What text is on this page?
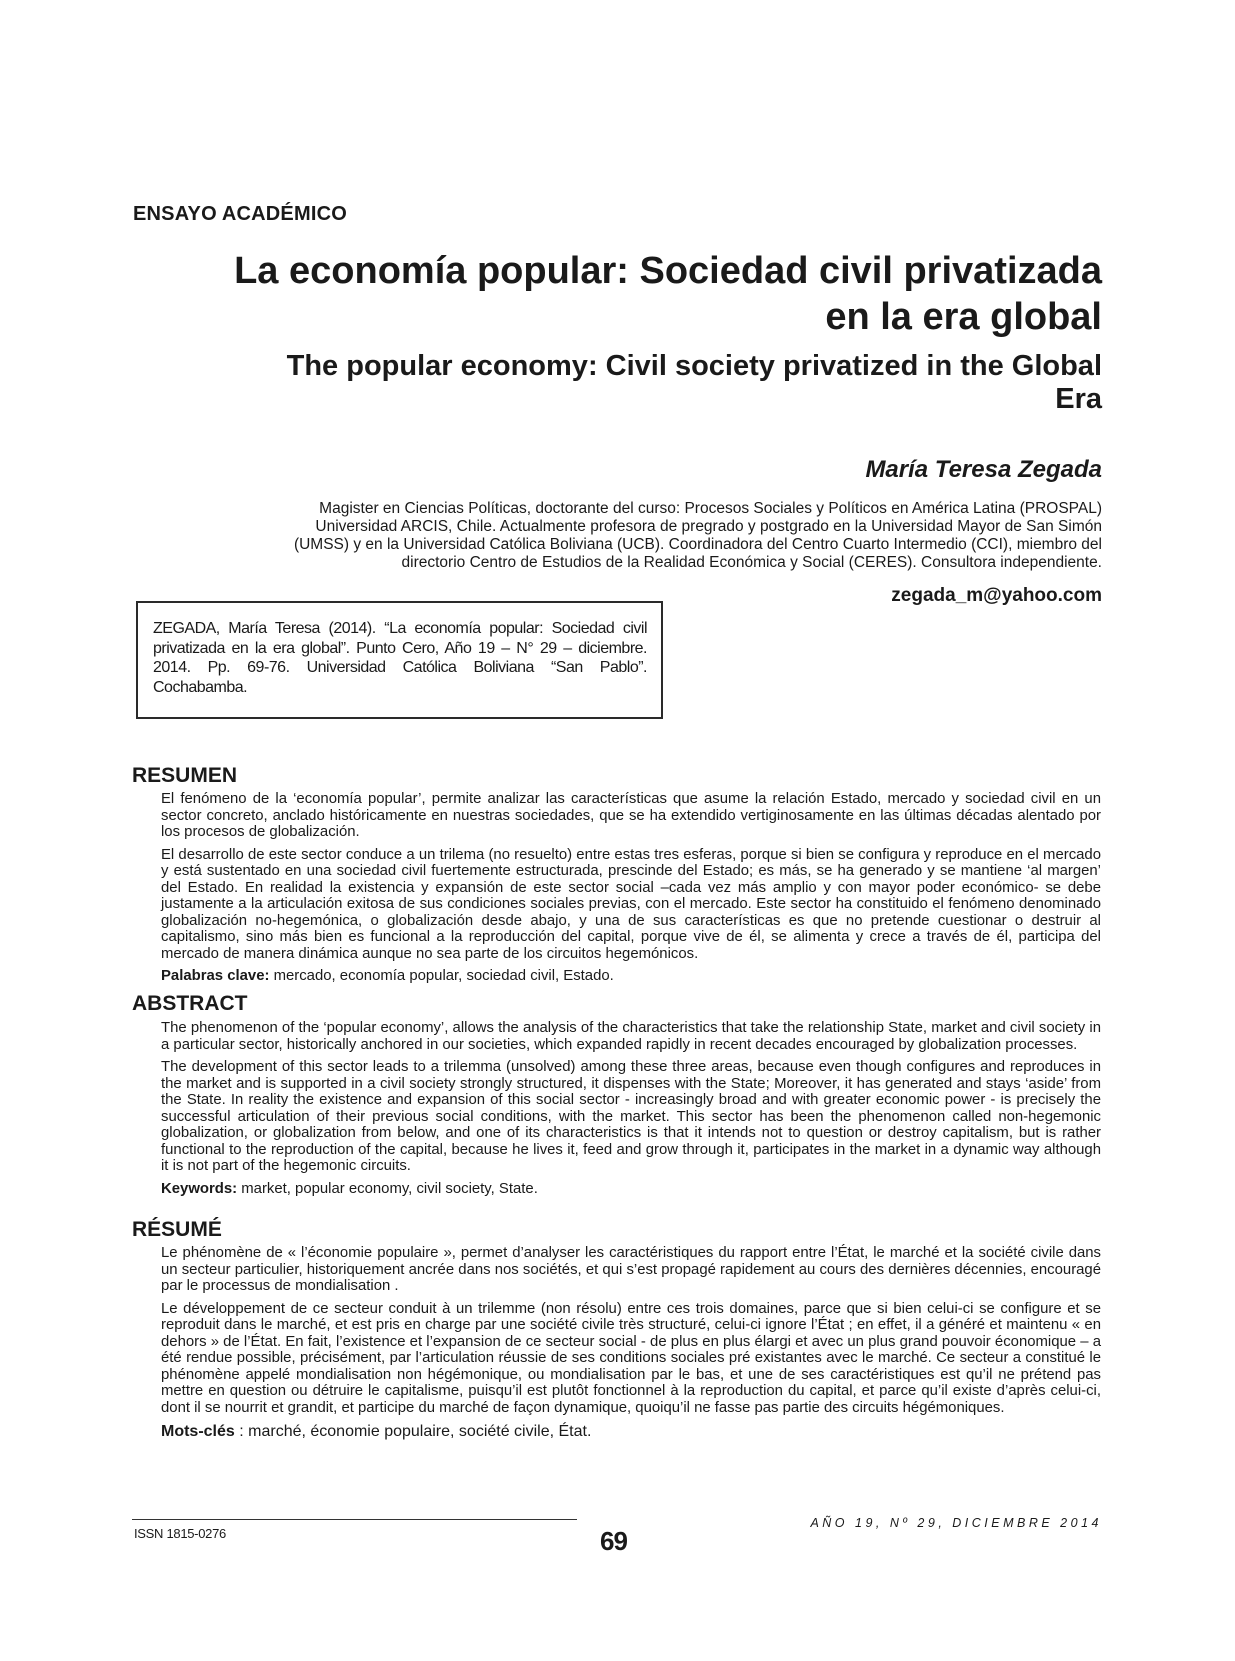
ENSAYO ACADÉMICO
La economía popular: Sociedad civil privatizada
en la era global
The popular economy: Civil society privatized in the Global
Era
María Teresa Zegada
Magister en Ciencias Políticas, doctorante del curso: Procesos Sociales y Políticos en América Latina (PROSPAL)
Universidad ARCIS, Chile. Actualmente profesora de pregrado y postgrado en la Universidad Mayor de San Simón
(UMSS) y en la Universidad Católica Boliviana (UCB). Coordinadora del Centro Cuarto Intermedio (CCI), miembro del
directorio Centro de Estudios de la Realidad Económica y Social (CERES). Consultora independiente.
zegada_m@yahoo.com
ZEGADA, María Teresa (2014). “La economía popular: Sociedad civil privatizada en la era global”. Punto Cero, Año 19 – N° 29 – diciembre. 2014. Pp. 69-76. Universidad Católica Boliviana “San Pablo”. Cochabamba.
RESUMEN

El fenómeno de la ‘economía popular’, permite analizar las características que asume la relación Estado, mercado y sociedad civil en un sector concreto, anclado históricamente en nuestras sociedades, que se ha extendido vertiginosamente en las últimas décadas alentado por los procesos de globalización.

El desarrollo de este sector conduce a un trilema (no resuelto) entre estas tres esferas, porque si bien se configura y reproduce en el mercado y está sustentado en una sociedad civil fuertemente estructurada, prescinde del Estado; es más, se ha generado y se mantiene ‘al margen’ del Estado. En realidad la existencia y expansión de este sector social –cada vez más amplio y con mayor poder económico- se debe justamente a la articulación exitosa de sus condiciones sociales previas, con el mercado. Este sector ha constituido el fenómeno denominado globalización no-hegemónica, o globalización desde abajo, y una de sus características es que no pretende cuestionar o destruir al capitalismo, sino más bien es funcional a la reproducción del capital, porque vive de él, se alimenta y crece a través de él, participa del mercado de manera dinámica aunque no sea parte de los circuitos hegemónicos.

Palabras clave: mercado, economía popular, sociedad civil, Estado.

ABSTRACT

The phenomenon of the ‘popular economy’, allows the analysis of the characteristics that take the relationship State, market and civil society in a particular sector, historically anchored in our societies, which expanded rapidly in recent decades encouraged by globalization processes.

The development of this sector leads to a trilemma (unsolved) among these three areas, because even though configures and reproduces in the market and is supported in a civil society strongly structured, it dispenses with the State; Moreover, it has generated and stays ‘aside’ from the State. In reality the existence and expansion of this social sector - increasingly broad and with greater economic power - is precisely the successful articulation of their previous social conditions, with the market. This sector has been the phenomenon called non-hegemonic globalization, or globalization from below, and one of its characteristics is that it intends not to question or destroy capitalism, but is rather functional to the reproduction of the capital, because he lives it, feed and grow through it, participates in the market in a dynamic way although it is not part of the hegemonic circuits.

Keywords: market, popular economy, civil society, State.

RÉSUMÉ

Le phénomène de « l’économie populaire », permet d’analyser les caractéristiques du rapport entre l’État, le marché et la société civile dans un secteur particulier, historiquement ancrée dans nos sociétés, et qui s’est propagé rapidement au cours des dernières décennies, encouragé par le processus de mondialisation .

Le développement de ce secteur conduit à un trilemme (non résolu) entre ces trois domaines, parce que si bien celui-ci se configure et se reproduit dans le marché, et est pris en charge par une société civile très structuré, celui-ci ignore l’État ; en effet, il a généré et maintenu « en dehors » de l’État. En fait, l’existence et l’expansion de ce secteur social - de plus en plus élargi et avec un plus grand pouvoir économique – a été rendue possible, précisément, par l’articulation réussie de ses conditions sociales pré existantes avec le marché. Ce secteur a constitué le phénomène appelé mondialisation non hégémonique, ou mondialisation par le bas, et une de ses caractéristiques est qu’il ne prétend pas mettre en question ou détruire le capitalisme, puisqu’il est plutôt fonctionnel à la reproduction du capital, et parce qu’il existe d’après celui-ci, dont il se nourrit et grandit, et participe du marché de façon dynamique, quoiqu’il ne fasse pas partie des circuits hégémoniques.

Mots-clés : marché, économie populaire, société civile, État.

ISSN 1815-0276	69
AÑO 19, Nº 29, DICIEMBRE 2014
